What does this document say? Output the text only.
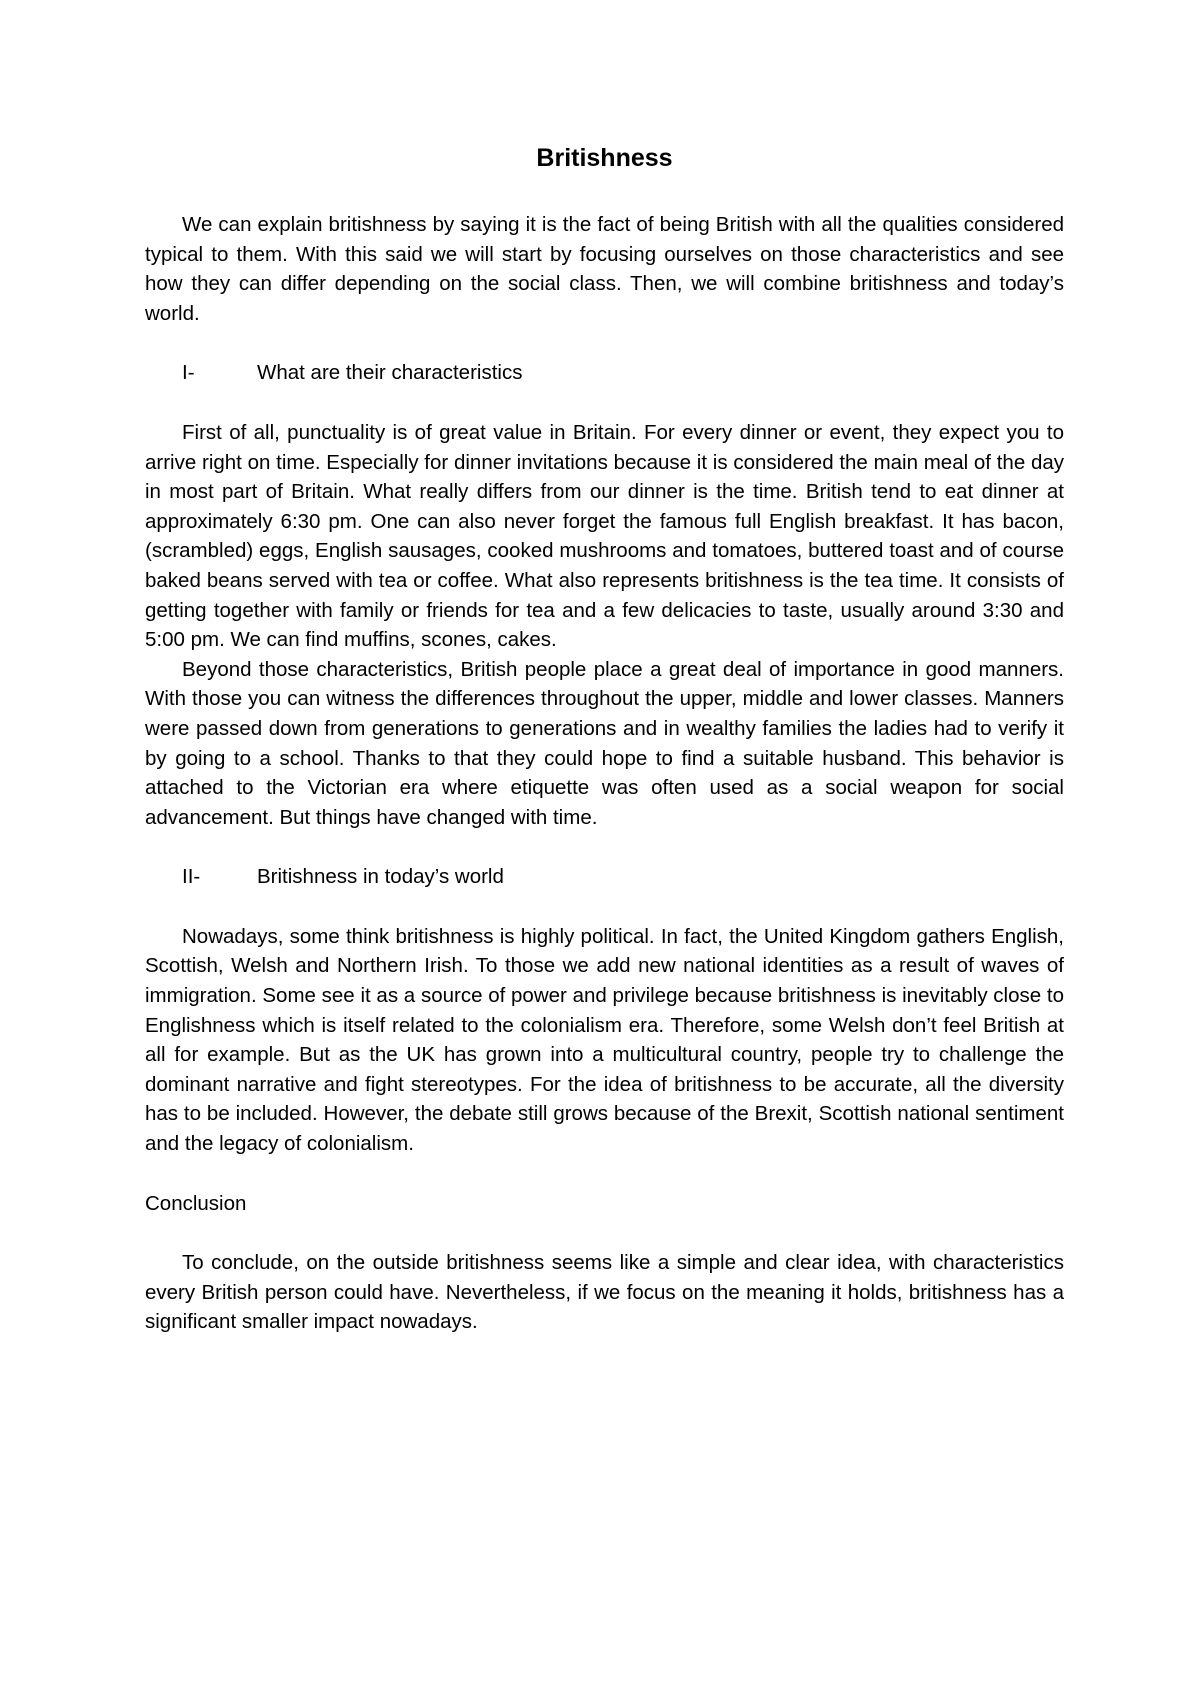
Britishness

We can explain britishness by saying it is the fact of being British with all the qualities considered typical to them. With this said we will start by focusing ourselves on those characteristics and see how they can differ depending on the social class. Then, we will combine britishness and today’s world.

I-	What are their characteristics

First of all, punctuality is of great value in Britain. For every dinner or event, they expect you to arrive right on time. Especially for dinner invitations because it is considered the main meal of the day in most part of Britain. What really differs from our dinner is the time. British tend to eat dinner at approximately 6:30 pm. One can also never forget the famous full English breakfast. It has bacon, (scrambled) eggs, English sausages, cooked mushrooms and tomatoes, buttered toast and of course baked beans served with tea or coffee. What also represents britishness is the tea time. It consists of getting together with family or friends for tea and a few delicacies to taste, usually around 3:30 and 5:00 pm. We can find muffins, scones, cakes.

Beyond those characteristics, British people place a great deal of importance in good manners. With those you can witness the differences throughout the upper, middle and lower classes. Manners were passed down from generations to generations and in wealthy families the ladies had to verify it by going to a school. Thanks to that they could hope to find a suitable husband. This behavior is attached to the Victorian era where etiquette was often used as a social weapon for social advancement. But things have changed with time.

II-	Britishness in today’s world

Nowadays, some think britishness is highly political. In fact, the United Kingdom gathers English, Scottish, Welsh and Northern Irish. To those we add new national identities as a result of waves of immigration. Some see it as a source of power and privilege because britishness is inevitably close to Englishness which is itself related to the colonialism era. Therefore, some Welsh don’t feel British at all for example. But as the UK has grown into a multicultural country, people try to challenge the dominant narrative and fight stereotypes. For the idea of britishness to be accurate, all the diversity has to be included. However, the debate still grows because of the Brexit, Scottish national sentiment and the legacy of colonialism.

Conclusion

To conclude, on the outside britishness seems like a simple and clear idea, with characteristics every British person could have. Nevertheless, if we focus on the meaning it holds, britishness has a significant smaller impact nowadays.
